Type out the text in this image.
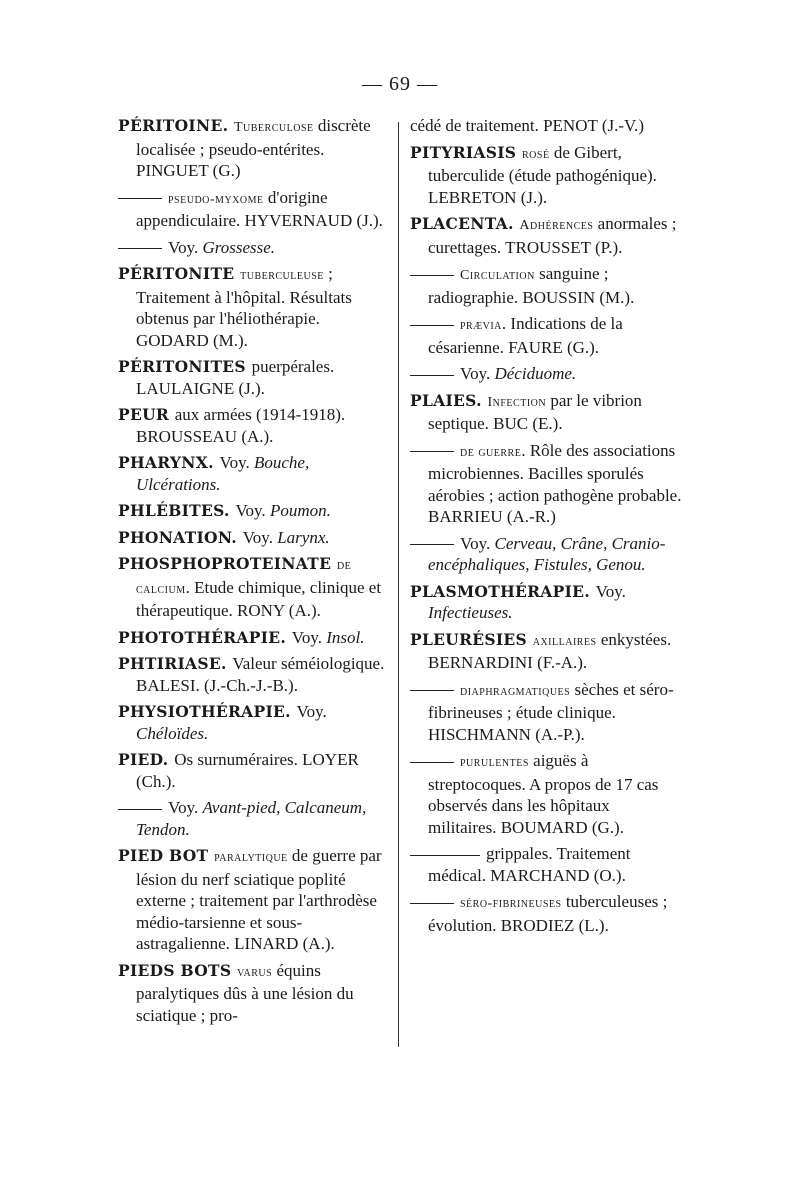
— 69 —
PÉRITOINE. Tuberculose discrète localisée ; pseudo-entérites. PINGUET (G.)
pseudo-myxome d'origine appendiculaire. HYVERNAUD (J.).
Voy. Grossesse.
PÉRITONITE tuberculeuse ; Traitement à l'hôpital. Résultats obtenus par l'héliothérapie. GODARD (M.).
PÉRITONITES puerpérales. LAULAIGNE (J.).
PEUR aux armées (1914-1918). BROUSSEAU (A.).
PHARYNX. Voy. Bouche, Ulcérations.
PHLÉBITES. Voy. Poumon.
PHONATION. Voy. Larynx.
PHOSPHOPROTEINATE de calcium. Etude chimique, clinique et thérapeutique. RONY (A.).
PHOTOTHÉRAPIE. Voy. Insol.
PHTIRIASE. Valeur séméiologique. BALESI. (J.-Ch.-J.-B.).
PHYSIOTHÉRAPIE. Voy. Chéloïdes.
PIED. Os surnuméraires. LOYER (Ch.).
Voy. Avant-pied, Calcaneum, Tendon.
PIED BOT paralytique de guerre par lésion du nerf sciatique poplité externe ; traitement par l'arthrodèse médio-tarsienne et sous-astragalienne. LINARD (A.).
PIEDS BOTS varus équins paralytiques dûs à une lésion du sciatique ; pro-
cédé de traitement. PENOT (J.-V.)
PITYRIASIS rosé de Gibert, tuberculide (étude pathogénique). LEBRETON (J.).
PLACENTA. Adhérences anormales ; curettages. TROUSSET (P.).
Circulation sanguine ; radiographie. BOUSSIN (M.).
prævia. Indications de la césarienne. FAURE (G.).
Voy. Déciduome.
PLAIES. Infection par le vibrion septique. BUC (E.).
de guerre. Rôle des associations microbiennes. Bacilles sporulés aérobies ; action pathogène probable. BARRIEU (A.-R.)
Voy. Cerveau, Crâne, Cranio-encéphaliques, Fistules, Genou.
PLASMOTHÉRAPIE. Voy. Infectieuses.
PLEURÉSIES axillaires enkystées. BERNARDINI (F.-A.).
diaphragmatiques sèches et séro-fibrineuses ; étude clinique. HISCHMANN (A.-P.).
purulentes aiguës à streptocoques. A propos de 17 cas observés dans les hôpitaux militaires. BOUMARD (G.).
grippales. Traitement médical. MARCHAND (O.).
séro-fibrineuses tuberculeuses ; évolution. BRODIEZ (L.).
